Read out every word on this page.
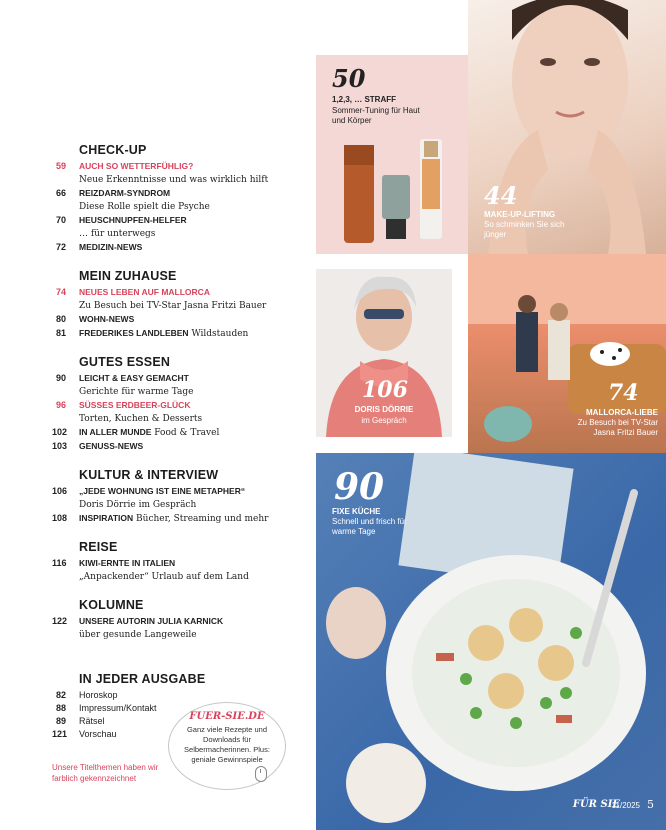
CHECK-UP
59 AUCH SO WETTERFÜHLIG?
Neue Erkenntnisse und was wirklich hilft
66 REIZDARM-SYNDROM
Diese Rolle spielt die Psyche
70 HEUSCHNUPFEN-HELFER
… für unterwegs
72 MEDIZIN-NEWS
MEIN ZUHAUSE
74 NEUES LEBEN AUF MALLORCA
Zu Besuch bei TV-Star Jasna Fritzi Bauer
80 WOHN-NEWS
81 FREDERIKES LANDLEBEN Wildstauden
GUTES ESSEN
90 LEICHT & EASY GEMACHT
Gerichte für warme Tage
96 SÜSSES ERDBEER-GLÜCK
Torten, Kuchen & Desserts
102 IN ALLER MUNDE Food & Travel
103 GENUSS-NEWS
KULTUR & INTERVIEW
106 „JEDE WOHNUNG IST EINE METAPHER“
Doris Dörrie im Gespräch
108 INSPIRATION Bücher, Streaming und mehr
REISE
116 KIWI-ERNTE IN ITALIEN
„Anpackender“ Urlaub auf dem Land
KOLUMNE
122 UNSERE AUTORIN JULIA KARNICK
über gesunde Langeweile
IN JEDER AUSGABE
82 Horoskop
88 Impressum/Kontakt
89 Rätsel
121 Vorschau
Unsere Titelthemen haben wir farblich gekennzeichnet
FUER-SIE.DE
Ganz viele Rezepte und Downloads für Selbermacherinnen. Plus: geniale Gewinnspiele
50
1,2,3, … STRAFF
Sommer-Tuning für Haut und Körper
44
MAKE-UP-LIFTING
So schminken Sie sich jünger
106
DORIS DÖRRIE
im Gespräch
74
MALLORCA-LIEBE
Zu Besuch bei TV-Star Jasna Fritzi Bauer
90
FIXE KÜCHE
Schnell und frisch für warme Tage
FÜR SIE
11/2025 5
